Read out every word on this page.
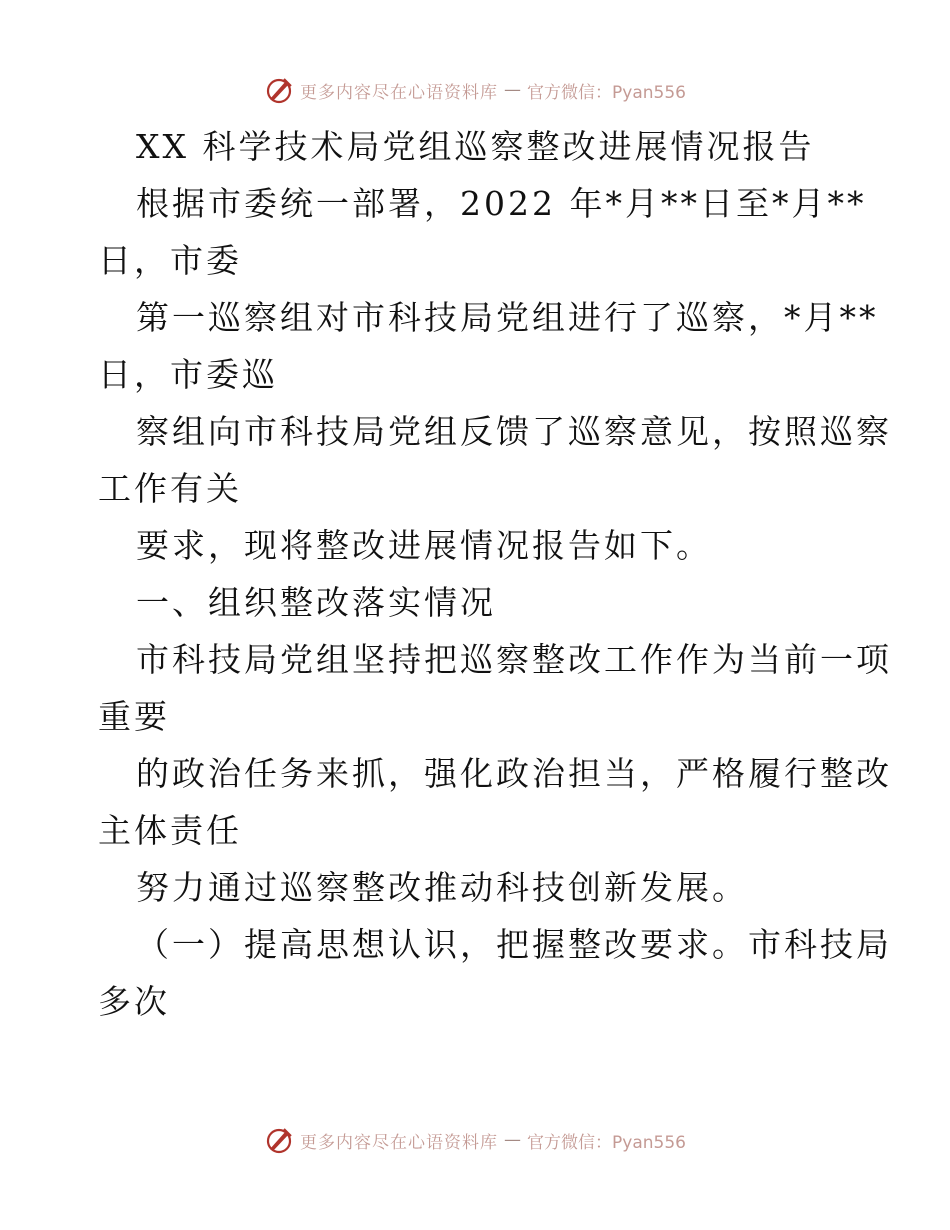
更多内容尽在心语资料库 — 官方微信：Pyan556
XX 科学技术局党组巡察整改进展情况报告
根据市委统一部署，2022 年*月**日至*月**
日，市委
第一巡察组对市科技局党组进行了巡察，*月**
日，市委巡
察组向市科技局党组反馈了巡察意见，按照巡察
工作有关
要求，现将整改进展情况报告如下。
一、组织整改落实情况
市科技局党组坚持把巡察整改工作作为当前一项
重要
的政治任务来抓，强化政治担当，严格履行整改
主体责任
努力通过巡察整改推动科技创新发展。
（一）提高思想认识，把握整改要求。市科技局
多次
更多内容尽在心语资料库 — 官方微信：Pyan556
